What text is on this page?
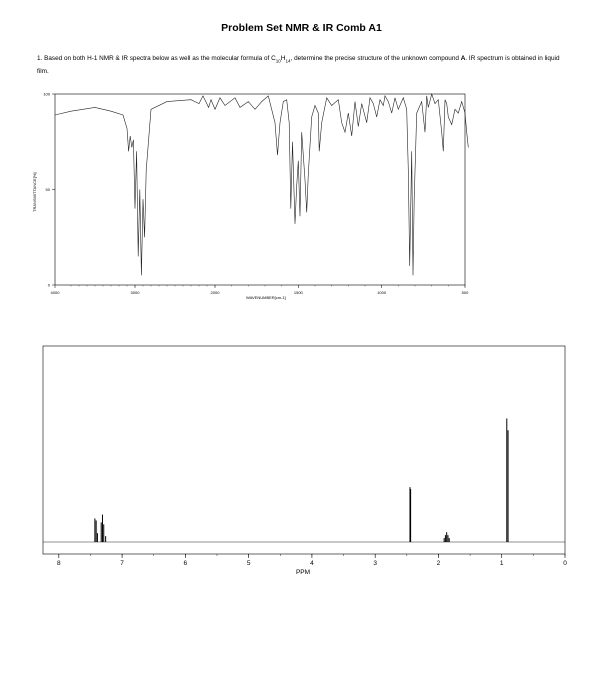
Problem Set NMR & IR Comb A1
1. Based on both H-1 NMR & IR spectra below as well as the molecular formula of $C_{10}H_{14}$, determine the precise structure of the unknown compound A. IR spectrum is obtained in liquid film.
TRANSMITTANCE[%]
WAVENUMBER[cm-1]
4000	3000	2000	1500	1000	500
100
50
0
8	7	6	5	4	3	2	1	0
PPM
